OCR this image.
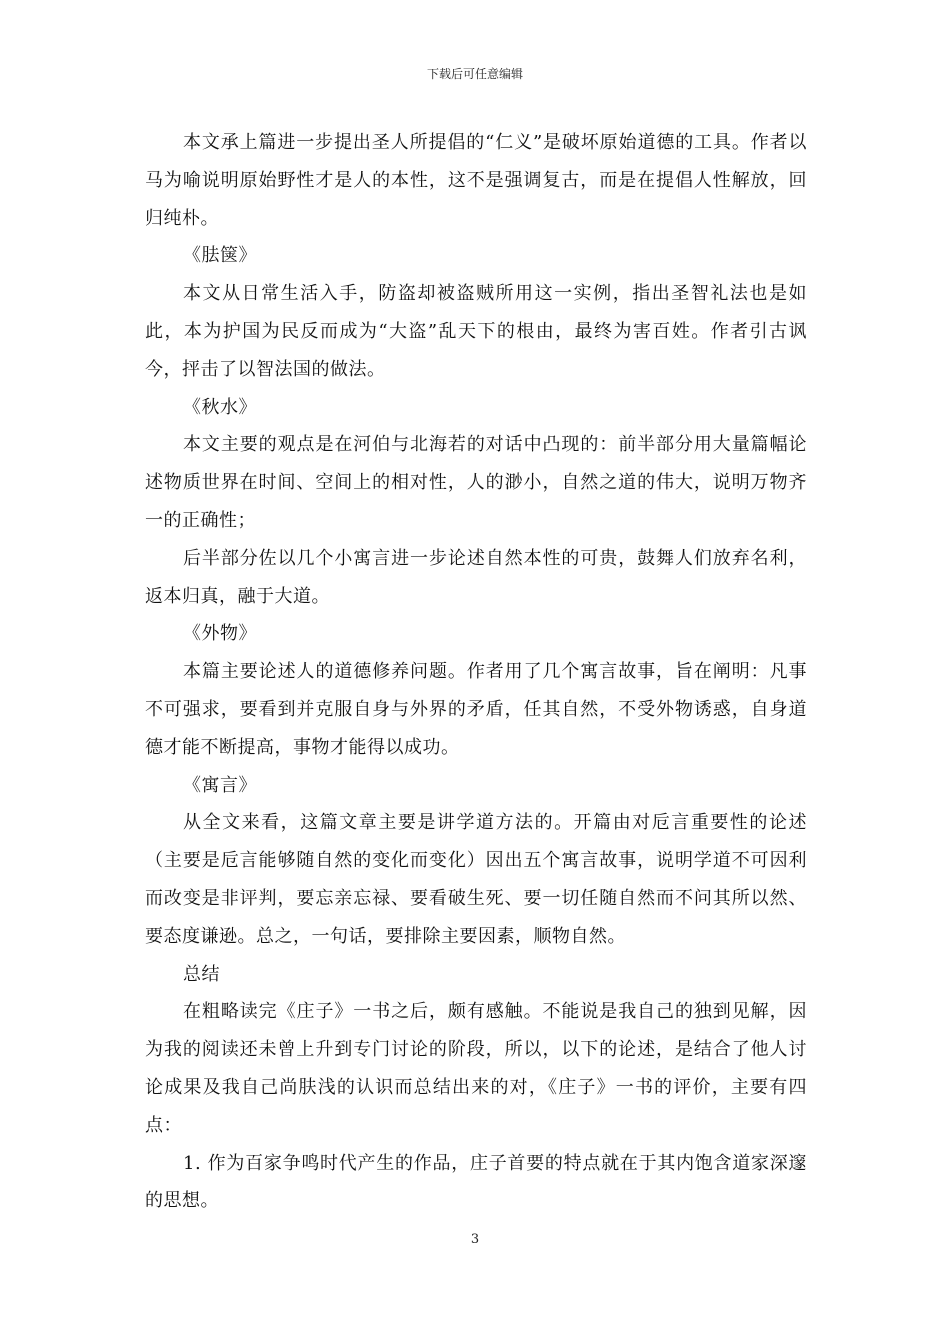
下载后可任意编辑

本文承上篇进一步提出圣人所提倡的“仁义”是破坏原始道德的工具。作者以马为喻说明原始野性才是人的本性，这不是强调复古，而是在提倡人性解放，回归纯朴。

《胠箧》

本文从日常生活入手，防盗却被盗贼所用这一实例，指出圣智礼法也是如此，本为护国为民反而成为“大盗”乱天下的根由，最终为害百姓。作者引古讽今，抨击了以智法国的做法。

《秋水》

本文主要的观点是在河伯与北海若的对话中凸现的：前半部分用大量篇幅论述物质世界在时间、空间上的相对性，人的渺小，自然之道的伟大，说明万物齐一的正确性；

后半部分佐以几个小寓言进一步论述自然本性的可贵，鼓舞人们放弃名利，返本归真，融于大道。

《外物》

本篇主要论述人的道德修养问题。作者用了几个寓言故事，旨在阐明：凡事不可强求，要看到并克服自身与外界的矛盾，任其自然，不受外物诱惑，自身道德才能不断提高，事物才能得以成功。

《寓言》

从全文来看，这篇文章主要是讲学道方法的。开篇由对卮言重要性的论述（主要是卮言能够随自然的变化而变化）因出五个寓言故事，说明学道不可因利而改变是非评判，要忘亲忘禄、要看破生死、要一切任随自然而不问其所以然、要态度谦逊。总之，一句话，要排除主要因素，顺物自然。

总结

在粗略读完《庄子》一书之后，颇有感触。不能说是我自己的独到见解，因为我的阅读还未曾上升到专门讨论的阶段，所以，以下的论述，是结合了他人讨论成果及我自己尚肤浅的认识而总结出来的对，《庄子》一书的评价，主要有四点：

1. 作为百家争鸣时代产生的作品，庄子首要的特点就在于其内饱含道家深邃的思想。

3
